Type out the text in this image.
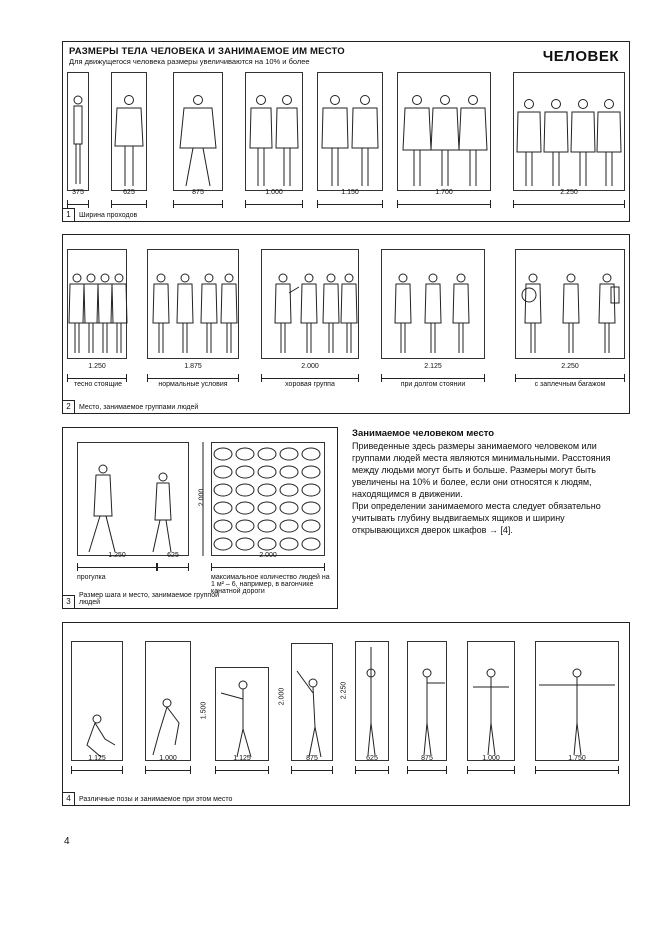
РАЗМЕРЫ ТЕЛА ЧЕЛОВЕКА И ЗАНИМАЕМОЕ ИМ МЕСТО
Для движущегося человека размеры увеличиваются на 10% и более	ЧЕЛОВЕК
375	625	875	1.000	1.150	1.700	2.250
1	Ширина проходов
1.250	1.875	2.000	2.125	2.250
тесно стоящие	нормальные условия	хоровая группа	при долгом стоянии	с заплечным багажом
2	Место, занимаемое группами людей
2.000
1.250	625	2.000
прогулка	максимальное количество людей на 1 м² – 6, например, в вагончике канатной дороги
3
Размер шага и место, занимаемое группой людей
Занимаемое человеком место
Приведенные здесь размеры занимаемого человеком или группами людей места являются минимальными. Расстояния между людьми могут быть и больше. Размеры могут быть увеличены на 10% и более, если они относятся к людям, находящимся в движении.
При определении занимаемого места следует обязательно учитывать глубину выдвигаемых ящиков и ширину открывающихся дверок шкафов → [4].
1.500
2.000	2.250
1.125	1.000	1.125	875	625	875	1.000	1.750
4	Различные позы и занимаемое при этом место
4
